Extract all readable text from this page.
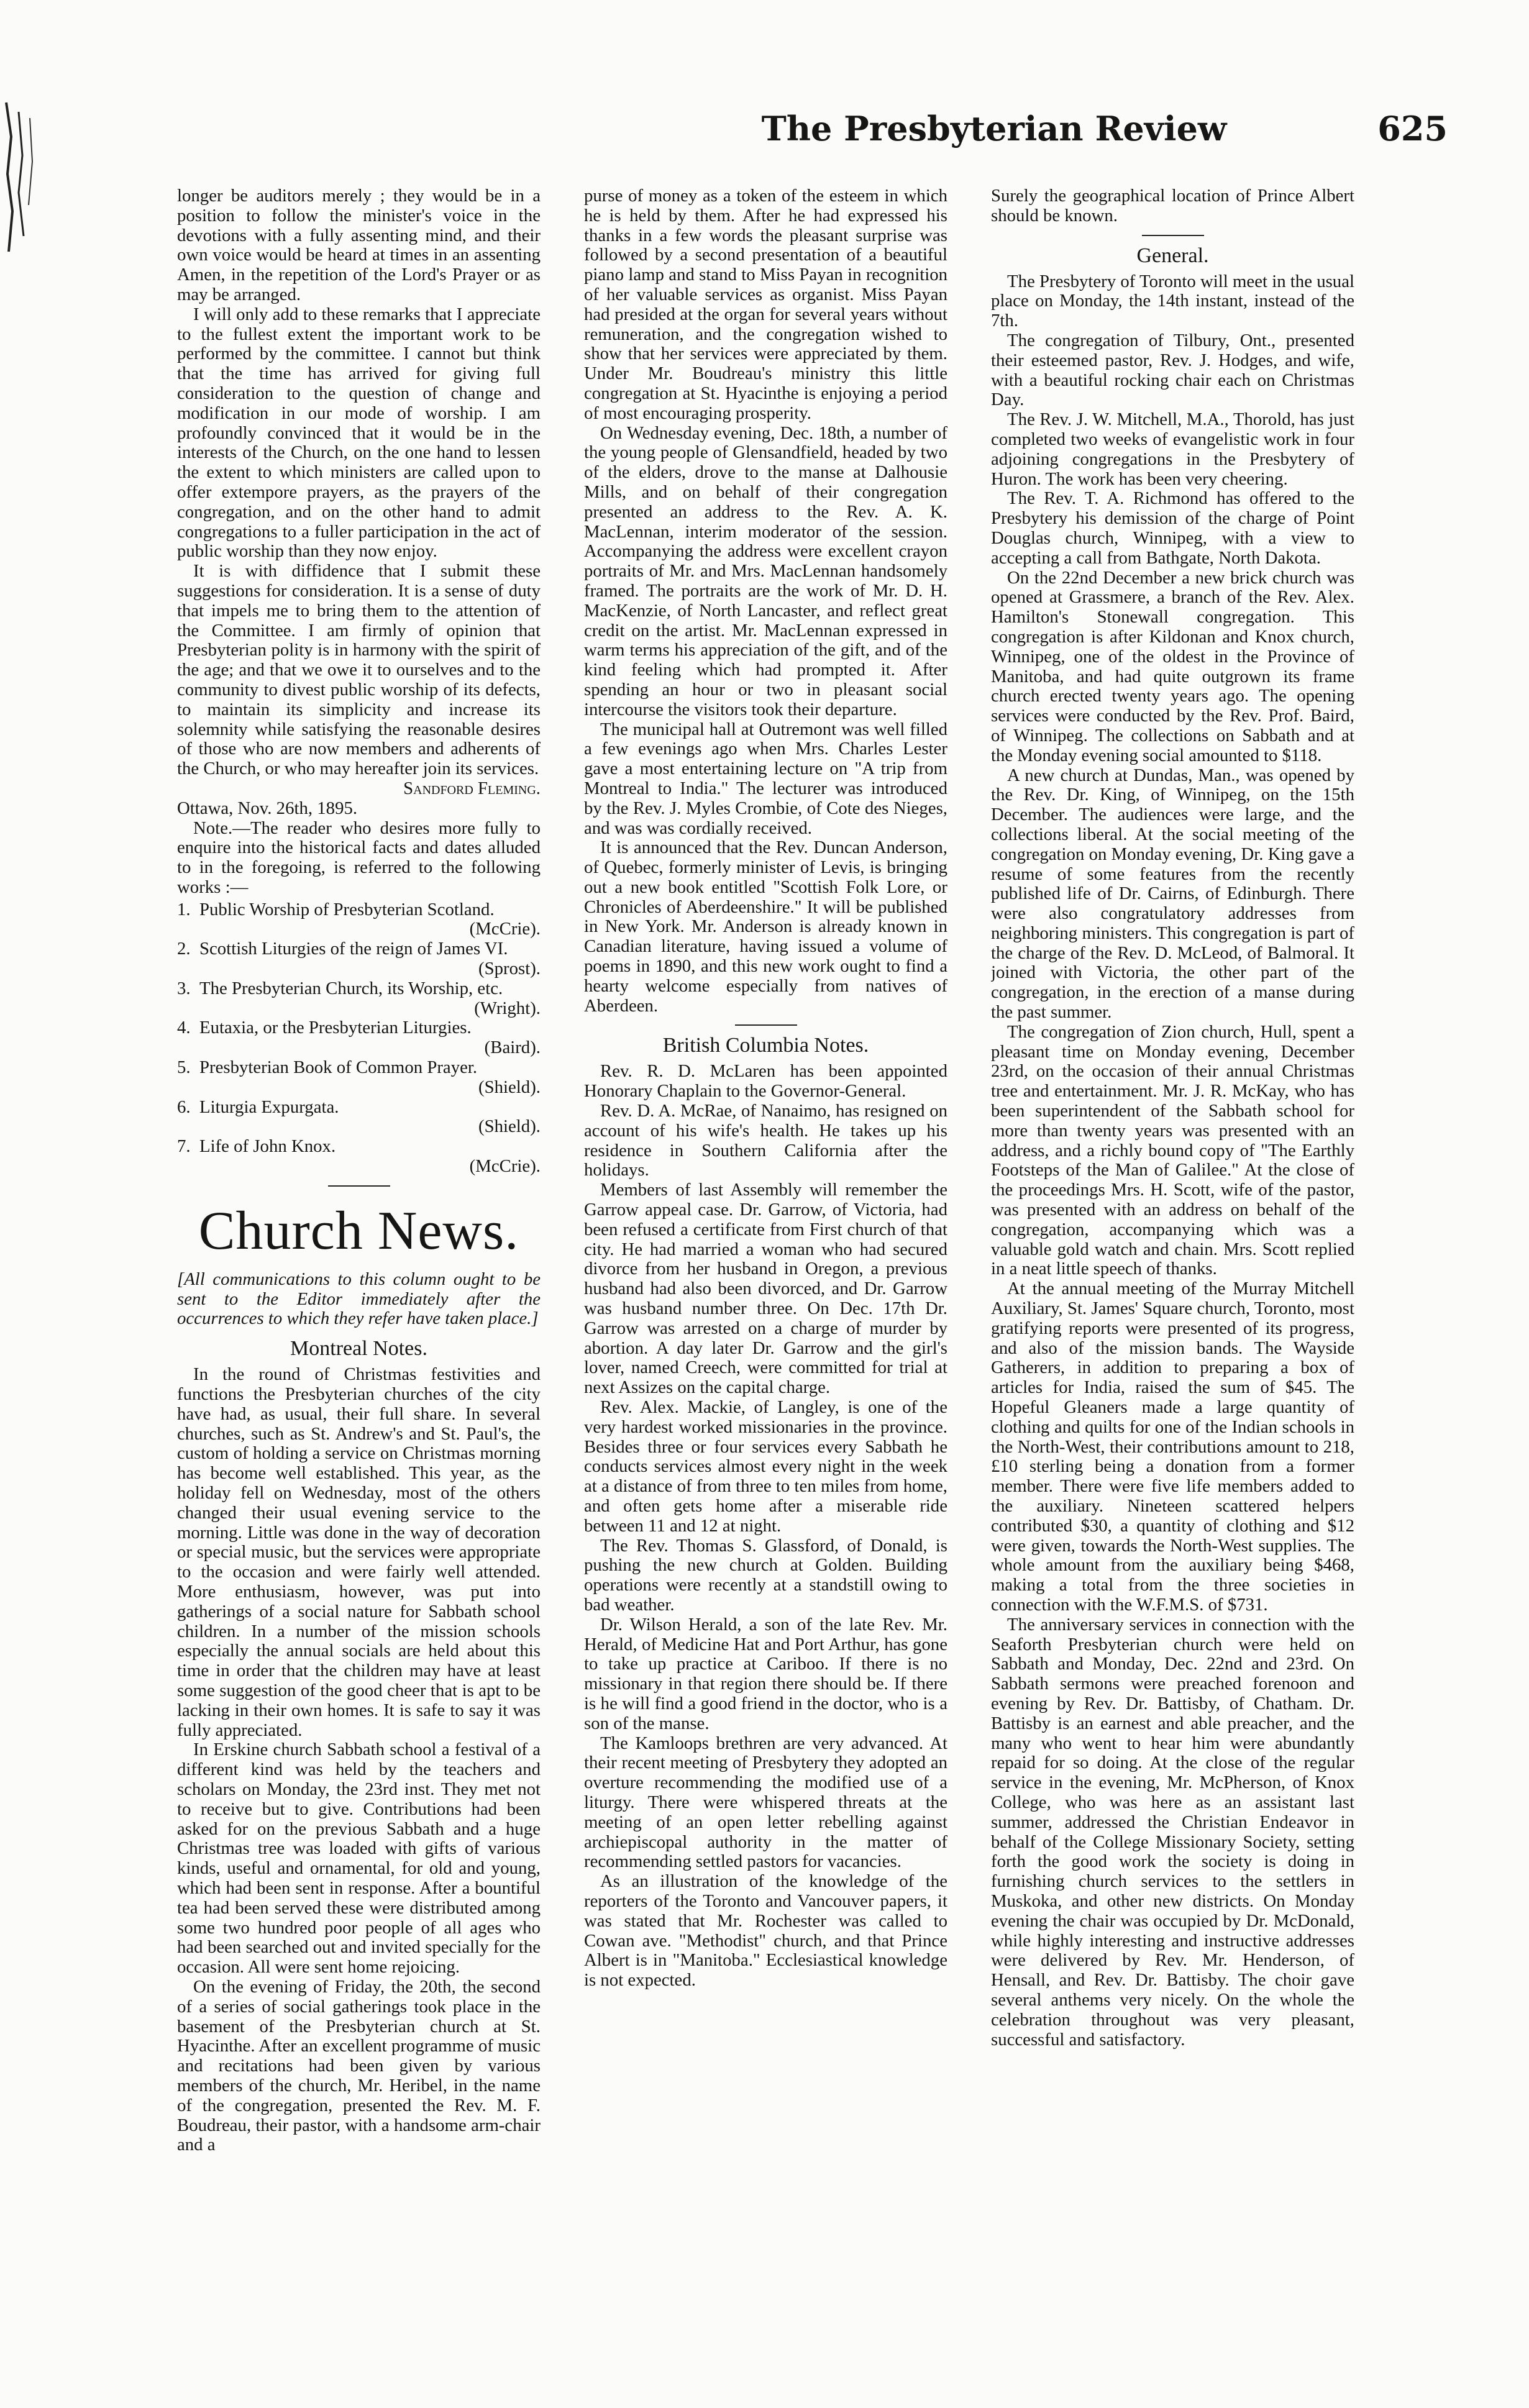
The Presbyterian Review	625

longer be auditors merely ; they would be in a position to follow the minister's voice in the devotions with a fully assenting mind, and their own voice would be heard at times in an assenting Amen, in the repetition of the Lord's Prayer or as may be arranged.

I will only add to these remarks that I appreciate to the fullest extent the important work to be performed by the committee. I cannot but think that the time has arrived for giving full consideration to the question of change and modification in our mode of worship. I am profoundly convinced that it would be in the interests of the Church, on the one hand to lessen the extent to which ministers are called upon to offer extempore prayers, as the prayers of the congregation, and on the other hand to admit congregations to a fuller participation in the act of public worship than they now enjoy.

It is with diffidence that I submit these suggestions for consideration. It is a sense of duty that impels me to bring them to the attention of the Committee. I am firmly of opinion that Presbyterian polity is in harmony with the spirit of the age; and that we owe it to ourselves and to the community to divest public worship of its defects, to maintain its simplicity and increase its solemnity while satisfying the reasonable desires of those who are now members and adherents of the Church, or who may hereafter join its services.

Sandford Fleming.

Ottawa, Nov. 26th, 1895.

Note.—The reader who desires more fully to enquire into the historical facts and dates alluded to in the foregoing, is referred to the following works :—

1. Public Worship of Presbyterian Scotland.
(McCrie).
2. Scottish Liturgies of the reign of James VI.
(Sprost).
3. The Presbyterian Church, its Worship, etc.
(Wright).
4. Eutaxia, or the Presbyterian Liturgies.
(Baird).
5. Presbyterian Book of Common Prayer.
(Shield).
6. Liturgia Expurgata.
(Shield).
7. Life of John Knox.
(McCrie).
Church News.
[All communications to this column ought to be sent to the Editor immediately after the occurrences to which they refer have taken place.]
Montreal Notes.

In the round of Christmas festivities and functions the Presbyterian churches of the city have had, as usual, their full share. In several churches, such as St. Andrew's and St. Paul's, the custom of holding a service on Christmas morning has become well established. This year, as the holiday fell on Wednesday, most of the others changed their usual evening service to the morning. Little was done in the way of decoration or special music, but the services were appropriate to the occasion and were fairly well attended. More enthusiasm, however, was put into gatherings of a social nature for Sabbath school children. In a number of the mission schools especially the annual socials are held about this time in order that the children may have at least some suggestion of the good cheer that is apt to be lacking in their own homes. It is safe to say it was fully appreciated.

In Erskine church Sabbath school a festival of a different kind was held by the teachers and scholars on Monday, the 23rd inst. They met not to receive but to give. Contributions had been asked for on the previous Sabbath and a huge Christmas tree was loaded with gifts of various kinds, useful and ornamental, for old and young, which had been sent in response. After a bountiful tea had been served these were distributed among some two hundred poor people of all ages who had been searched out and invited specially for the occasion. All were sent home rejoicing.

On the evening of Friday, the 20th, the second of a series of social gatherings took place in the basement of the Presbyterian church at St. Hyacinthe. After an excellent programme of music and recitations had been given by various members of the church, Mr. Heribel, in the name of the congregation, presented the Rev. M. F. Boudreau, their pastor, with a handsome arm-chair and a

purse of money as a token of the esteem in which he is held by them. After he had expressed his thanks in a few words the pleasant surprise was followed by a second presentation of a beautiful piano lamp and stand to Miss Payan in recognition of her valuable services as organist. Miss Payan had presided at the organ for several years without remuneration, and the congregation wished to show that her services were appreciated by them. Under Mr. Boudreau's ministry this little congregation at St. Hyacinthe is enjoying a period of most encouraging prosperity.

On Wednesday evening, Dec. 18th, a number of the young people of Glensandfield, headed by two of the elders, drove to the manse at Dalhousie Mills, and on behalf of their congregation presented an address to the Rev. A. K. MacLennan, interim moderator of the session. Accompanying the address were excellent crayon portraits of Mr. and Mrs. MacLennan handsomely framed. The portraits are the work of Mr. D. H. MacKenzie, of North Lancaster, and reflect great credit on the artist. Mr. MacLennan expressed in warm terms his appreciation of the gift, and of the kind feeling which had prompted it. After spending an hour or two in pleasant social intercourse the visitors took their departure.

The municipal hall at Outremont was well filled a few evenings ago when Mrs. Charles Lester gave a most entertaining lecture on "A trip from Montreal to India." The lecturer was introduced by the Rev. J. Myles Crombie, of Cote des Nieges, and was was cordially received.

It is announced that the Rev. Duncan Anderson, of Quebec, formerly minister of Levis, is bringing out a new book entitled "Scottish Folk Lore, or Chronicles of Aberdeenshire." It will be published in New York. Mr. Anderson is already known in Canadian literature, having issued a volume of poems in 1890, and this new work ought to find a hearty welcome especially from natives of Aberdeen.

British Columbia Notes.

Rev. R. D. McLaren has been appointed Honorary Chaplain to the Governor-General.

Rev. D. A. McRae, of Nanaimo, has resigned on account of his wife's health. He takes up his residence in Southern California after the holidays.

Members of last Assembly will remember the Garrow appeal case. Dr. Garrow, of Victoria, had been refused a certificate from First church of that city. He had married a woman who had secured divorce from her husband in Oregon, a previous husband had also been divorced, and Dr. Garrow was husband number three. On Dec. 17th Dr. Garrow was arrested on a charge of murder by abortion. A day later Dr. Garrow and the girl's lover, named Creech, were committed for trial at next Assizes on the capital charge.

Rev. Alex. Mackie, of Langley, is one of the very hardest worked missionaries in the province. Besides three or four services every Sabbath he conducts services almost every night in the week at a distance of from three to ten miles from home, and often gets home after a miserable ride between 11 and 12 at night.

The Rev. Thomas S. Glassford, of Donald, is pushing the new church at Golden. Building operations were recently at a standstill owing to bad weather.

Dr. Wilson Herald, a son of the late Rev. Mr. Herald, of Medicine Hat and Port Arthur, has gone to take up practice at Cariboo. If there is no missionary in that region there should be. If there is he will find a good friend in the doctor, who is a son of the manse.

The Kamloops brethren are very advanced. At their recent meeting of Presbytery they adopted an overture recommending the modified use of a liturgy. There were whispered threats at the meeting of an open letter rebelling against archiepiscopal authority in the matter of recommending settled pastors for vacancies.

As an illustration of the knowledge of the reporters of the Toronto and Vancouver papers, it was stated that Mr. Rochester was called to Cowan ave. "Methodist" church, and that Prince Albert is in "Manitoba." Ecclesiastical knowledge is not expected.

Surely the geographical location of Prince Albert should be known.

General.

The Presbytery of Toronto will meet in the usual place on Monday, the 14th instant, instead of the 7th.

The congregation of Tilbury, Ont., presented their esteemed pastor, Rev. J. Hodges, and wife, with a beautiful rocking chair each on Christmas Day.

The Rev. J. W. Mitchell, M.A., Thorold, has just completed two weeks of evangelistic work in four adjoining congregations in the Presbytery of Huron. The work has been very cheering.

The Rev. T. A. Richmond has offered to the Presbytery his demission of the charge of Point Douglas church, Winnipeg, with a view to accepting a call from Bathgate, North Dakota.

On the 22nd December a new brick church was opened at Grassmere, a branch of the Rev. Alex. Hamilton's Stonewall congregation. This congregation is after Kildonan and Knox church, Winnipeg, one of the oldest in the Province of Manitoba, and had quite outgrown its frame church erected twenty years ago. The opening services were conducted by the Rev. Prof. Baird, of Winnipeg. The collections on Sabbath and at the Monday evening social amounted to $118.

A new church at Dundas, Man., was opened by the Rev. Dr. King, of Winnipeg, on the 15th December. The audiences were large, and the collections liberal. At the social meeting of the congregation on Monday evening, Dr. King gave a resume of some features from the recently published life of Dr. Cairns, of Edinburgh. There were also congratulatory addresses from neighboring ministers. This congregation is part of the charge of the Rev. D. McLeod, of Balmoral. It joined with Victoria, the other part of the congregation, in the erection of a manse during the past summer.

The congregation of Zion church, Hull, spent a pleasant time on Monday evening, December 23rd, on the occasion of their annual Christmas tree and entertainment. Mr. J. R. McKay, who has been superintendent of the Sabbath school for more than twenty years was presented with an address, and a richly bound copy of "The Earthly Footsteps of the Man of Galilee." At the close of the proceedings Mrs. H. Scott, wife of the pastor, was presented with an address on behalf of the congregation, accompanying which was a valuable gold watch and chain. Mrs. Scott replied in a neat little speech of thanks.

At the annual meeting of the Murray Mitchell Auxiliary, St. James' Square church, Toronto, most gratifying reports were presented of its progress, and also of the mission bands. The Wayside Gatherers, in addition to preparing a box of articles for India, raised the sum of $45. The Hopeful Gleaners made a large quantity of clothing and quilts for one of the Indian schools in the North-West, their contributions amount to 218, £10 sterling being a donation from a former member. There were five life members added to the auxiliary. Nineteen scattered helpers contributed $30, a quantity of clothing and $12 were given, towards the North-West supplies. The whole amount from the auxiliary being $468, making a total from the three societies in connection with the W.F.M.S. of $731.

The anniversary services in connection with the Seaforth Presbyterian church were held on Sabbath and Monday, Dec. 22nd and 23rd. On Sabbath sermons were preached forenoon and evening by Rev. Dr. Battisby, of Chatham. Dr. Battisby is an earnest and able preacher, and the many who went to hear him were abundantly repaid for so doing. At the close of the regular service in the evening, Mr. McPherson, of Knox College, who was here as an assistant last summer, addressed the Christian Endeavor in behalf of the College Missionary Society, setting forth the good work the society is doing in furnishing church services to the settlers in Muskoka, and other new districts. On Monday evening the chair was occupied by Dr. McDonald, while highly interesting and instructive addresses were delivered by Rev. Mr. Henderson, of Hensall, and Rev. Dr. Battisby. The choir gave several anthems very nicely. On the whole the celebration throughout was very pleasant, successful and satisfactory.
